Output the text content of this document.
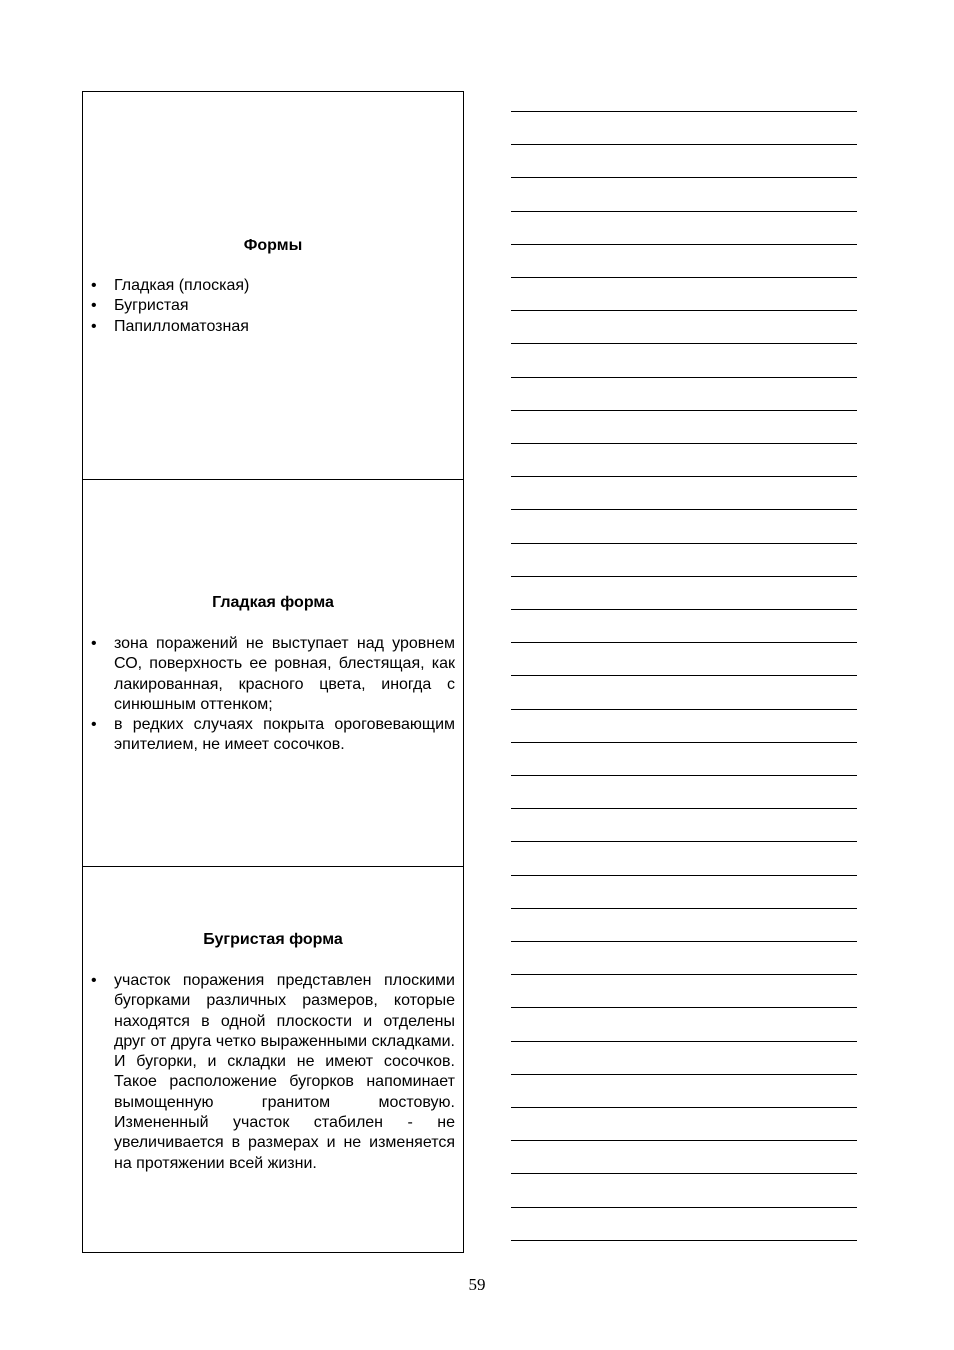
Формы
• Гладкая (плоская)
• Бугристая
• Папилломатозная
Гладкая форма
• зона поражений не выступает над уровнем СО, поверхность ее ровная, блестящая, как лакированная, красного цвета, иногда с синюшным оттенком;
• в редких случаях покрыта ороговевающим эпителием, не имеет сосочков.
Бугристая форма
• участок поражения представлен плоскими бугорками различных размеров, которые находятся в одной плоскости и отделены друг от друга четко выраженными складками. И бугорки, и складки не имеют сосочков. Такое расположение бугорков напоминает вымощенную гранитом мостовую. Измененный участок стабилен - не увеличивается в размерах и не изменяется на протяжении всей жизни.
59
